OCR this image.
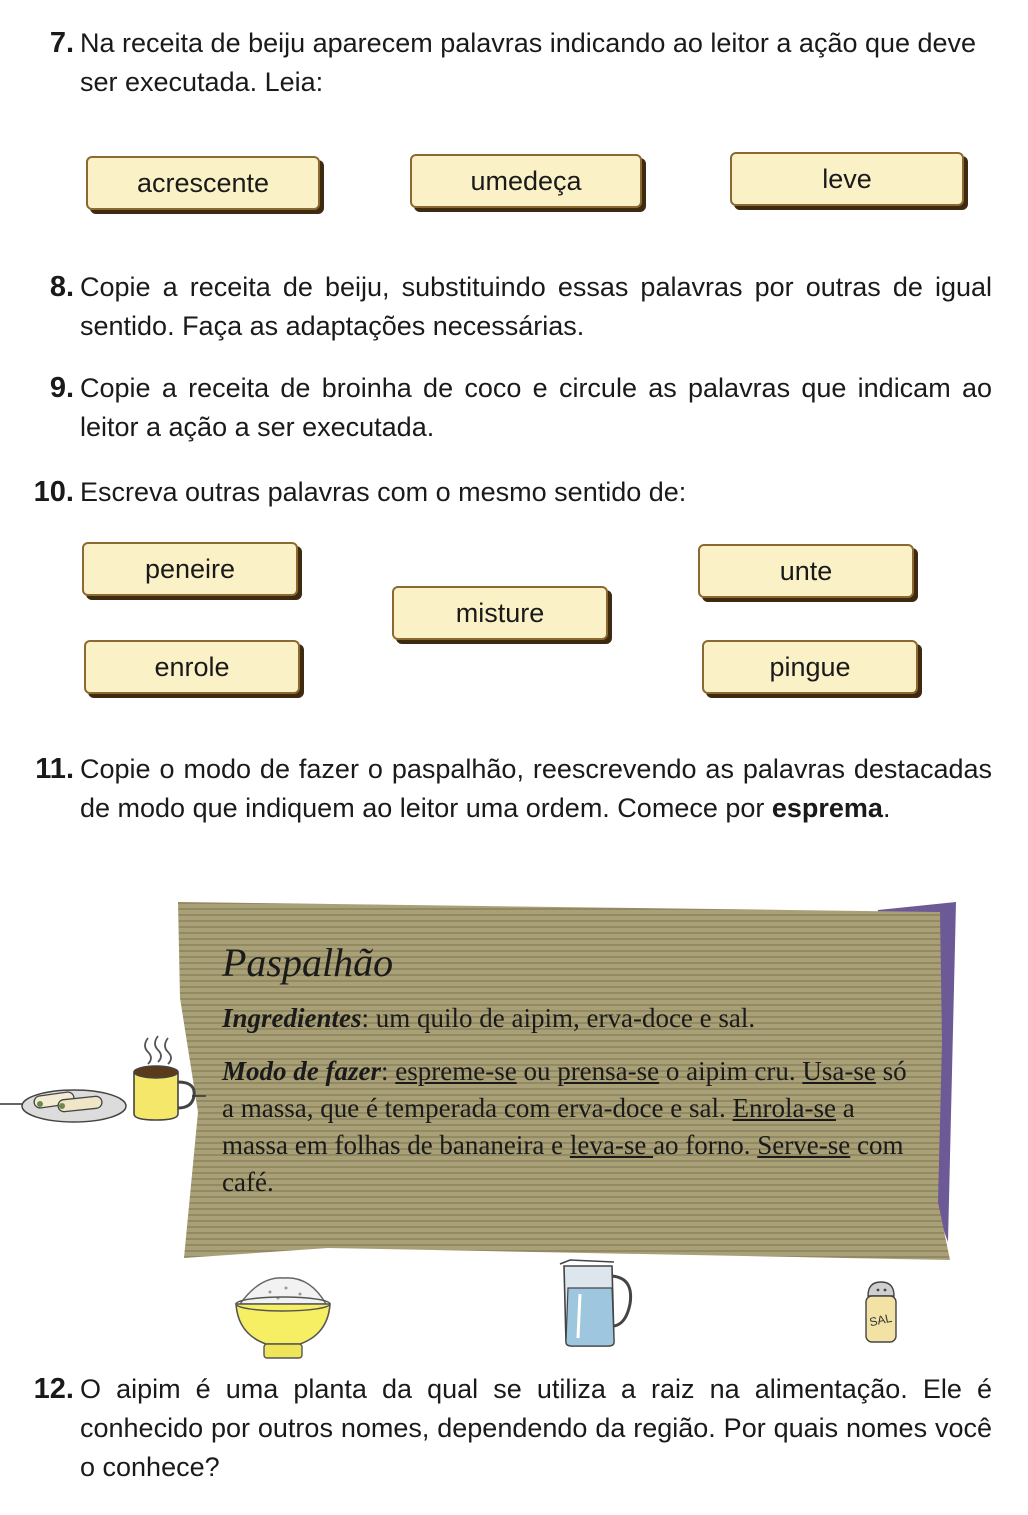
7. Na receita de beiju aparecem palavras indicando ao leitor a ação que deve ser executada. Leia:

acrescente	umedeça	leve
8. Copie a receita de beiju, substituindo essas palavras por outras de igual sentido. Faça as adaptações necessárias.

9. Copie a receita de broinha de coco e circule as palavras que indicam ao leitor a ação a ser executada.

10. Escreva outras palavras com o mesmo sentido de:

peneire
enrole
misture
unte
pingue
11. Copie o modo de fazer o paspalhão, reescrevendo as palavras destacadas de modo que indiquem ao leitor uma ordem. Comece por esprema.

Paspalhão

Ingredientes: um quilo de aipim, erva-doce e sal.

Modo de fazer: espreme-se ou prensa-se o aipim cru. Usa-se só a massa, que é temperada com erva-doce e sal. Enrola-se a massa em folhas de bananeira e leva-se ao forno. Serve-se com café.

SAL
12. O aipim é uma planta da qual se utiliza a raiz na alimentação. Ele é conhecido por outros nomes, dependendo da região. Por quais nomes você o conhece?
